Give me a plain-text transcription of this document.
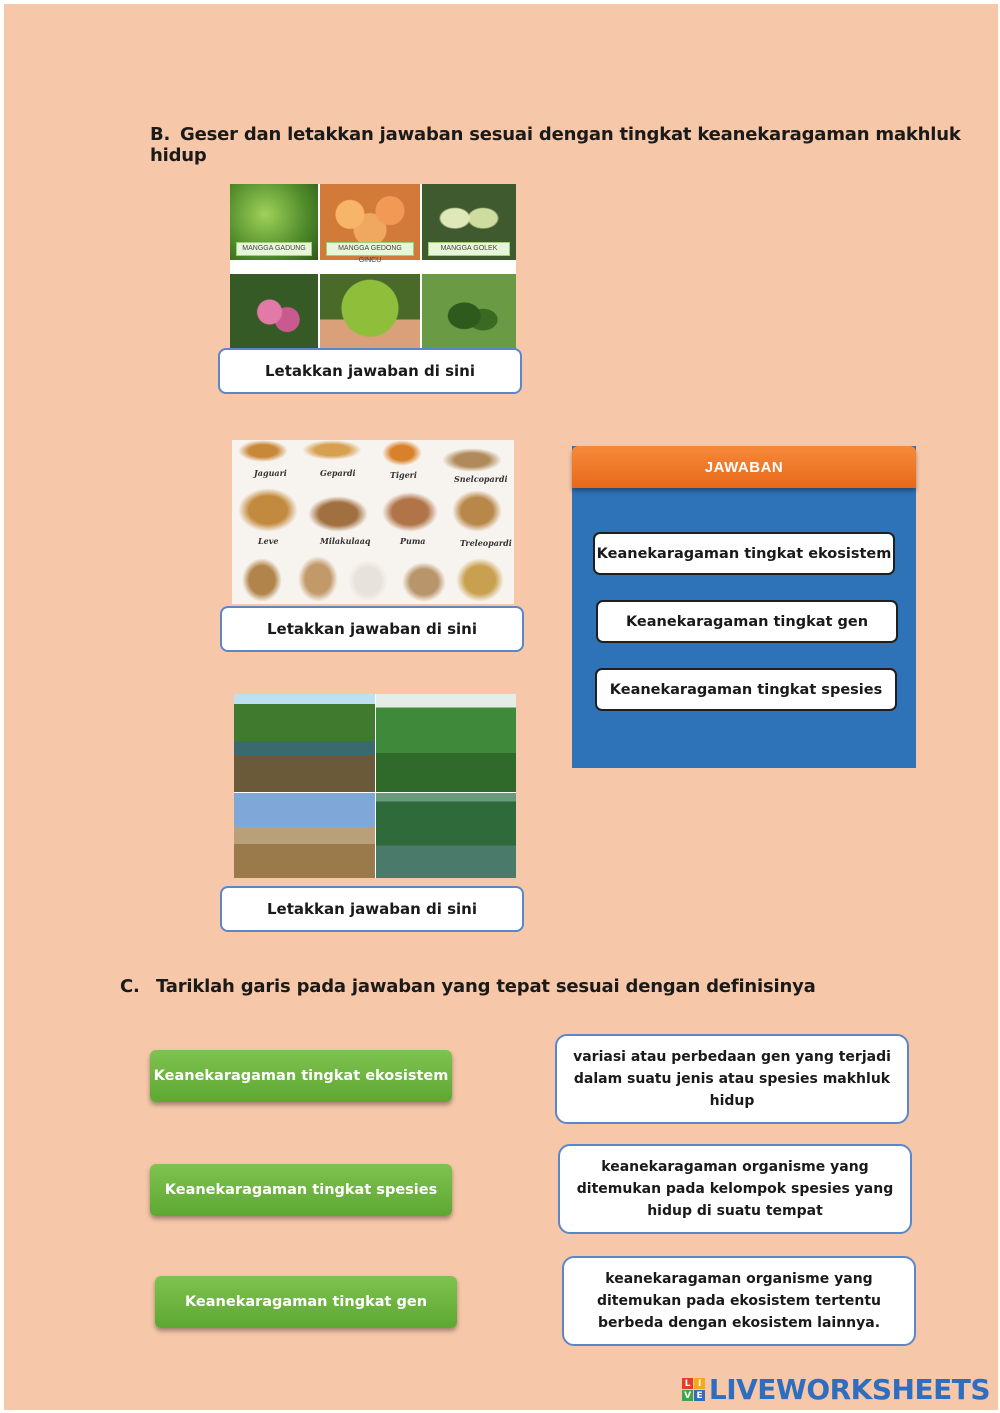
B. Geser dan letakkan jawaban sesuai dengan tingkat keanekaragaman makhluk hidup
MANGGA GADUNG	MANGGA GEDONG GINCU
MANGGA GOLEK
Letakkan jawaban di sini
Jaguari	Gepardi	Tigeri	Snelcopardi
Leve	Milakulaaq	Puma	Treleopardi
Letakkan jawaban di sini
Letakkan jawaban di sini
JAWABAN
Keanekaragaman tingkat ekosistem
Keanekaragaman tingkat gen
Keanekaragaman tingkat spesies
C. Tariklah garis pada jawaban yang tepat sesuai dengan definisinya
Keanekaragaman tingkat ekosistem
Keanekaragaman tingkat spesies
Keanekaragaman tingkat gen
variasi atau perbedaan gen yang terjadi dalam suatu jenis atau spesies makhluk hidup
keanekaragaman organisme yang ditemukan pada kelompok spesies yang hidup di suatu tempat
keanekaragaman organisme yang ditemukan pada ekosistem tertentu berbeda dengan ekosistem lainnya.
L I
V E LIVEWORKSHEETS
